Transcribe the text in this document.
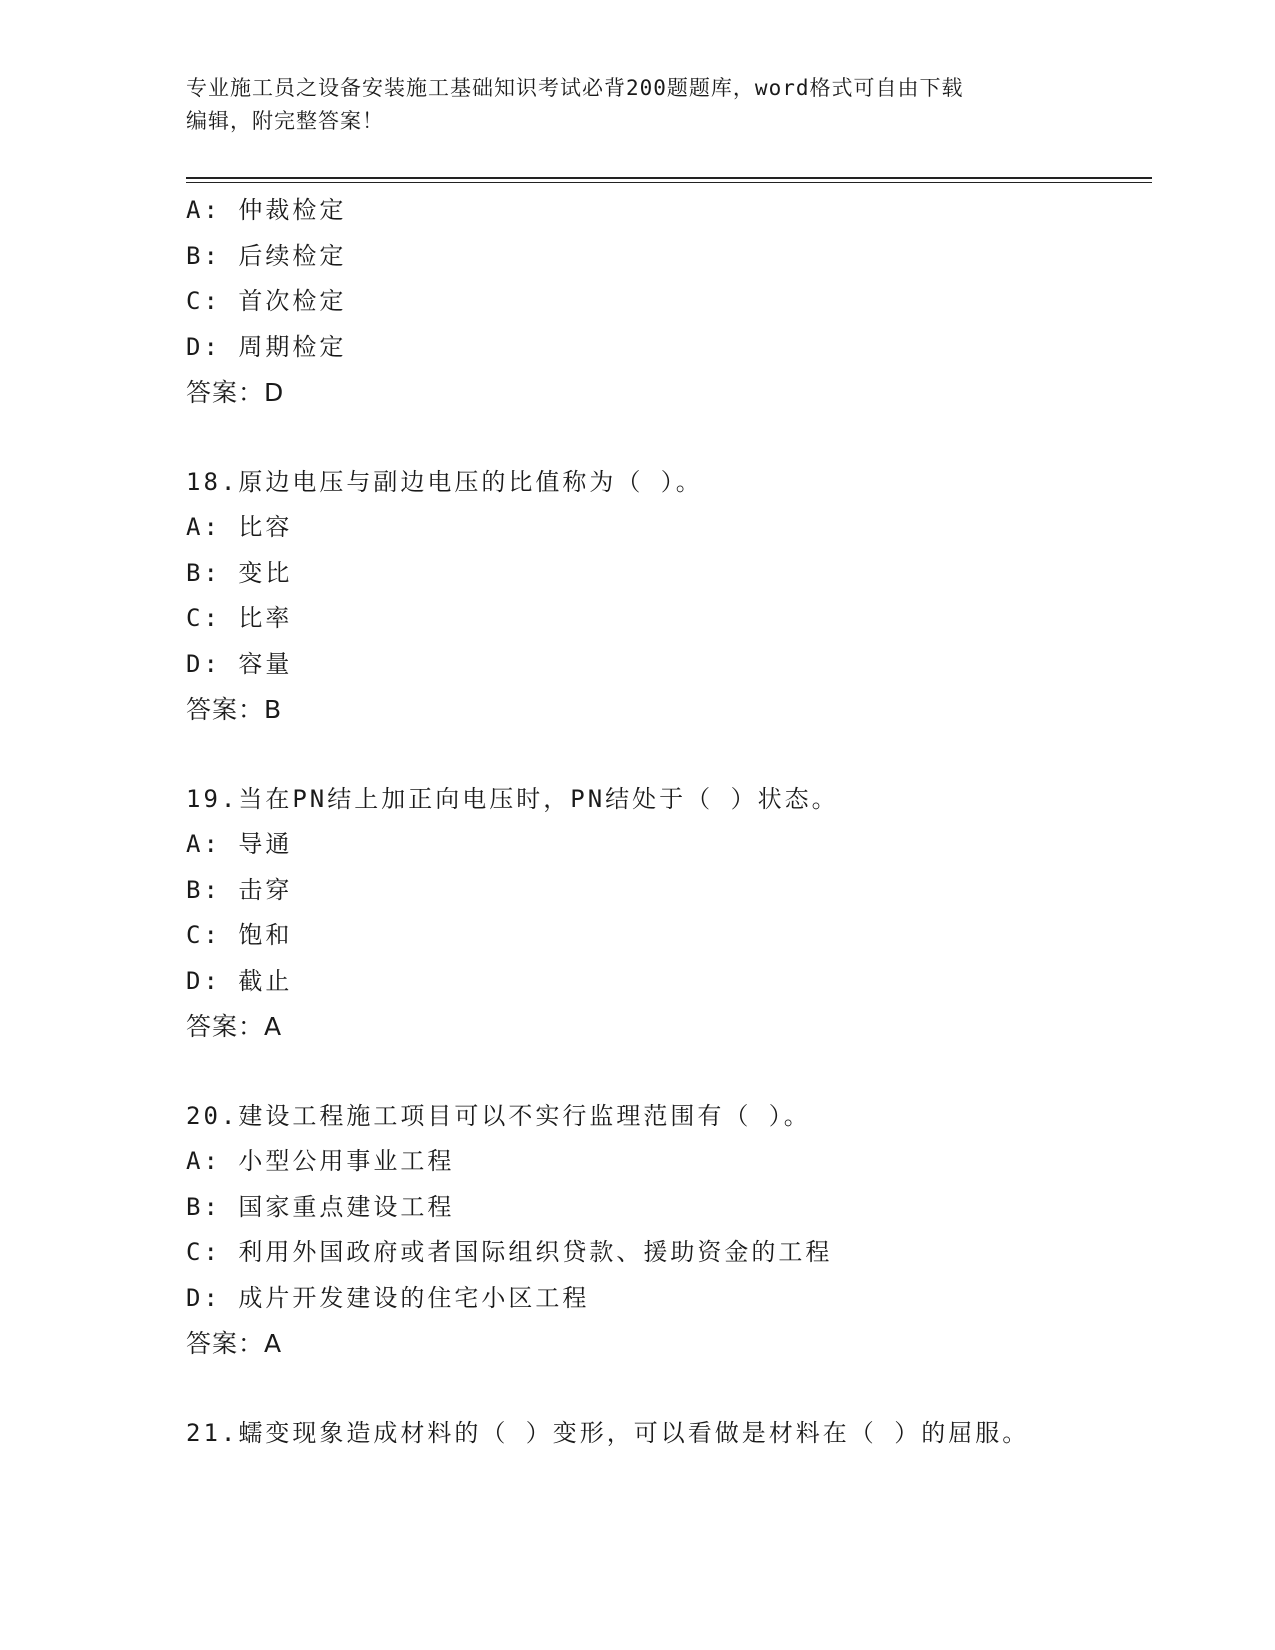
专业施工员之设备安装施工基础知识考试必背200题题库，word格式可自由下载
编辑，附完整答案！
A: 仲裁检定
B: 后续检定
C: 首次检定
D: 周期检定
答案：D
18.原边电压与副边电压的比值称为（ ）。
A: 比容
B: 变比
C: 比率
D: 容量
答案：B
19.当在PN结上加正向电压时，PN结处于（ ）状态。
A: 导通
B: 击穿
C: 饱和
D: 截止
答案：A
20.建设工程施工项目可以不实行监理范围有（ ）。
A: 小型公用事业工程
B: 国家重点建设工程
C: 利用外国政府或者国际组织贷款、援助资金的工程
D: 成片开发建设的住宅小区工程
答案：A
21.蠕变现象造成材料的（ ）变形，可以看做是材料在（ ）的屈服。
